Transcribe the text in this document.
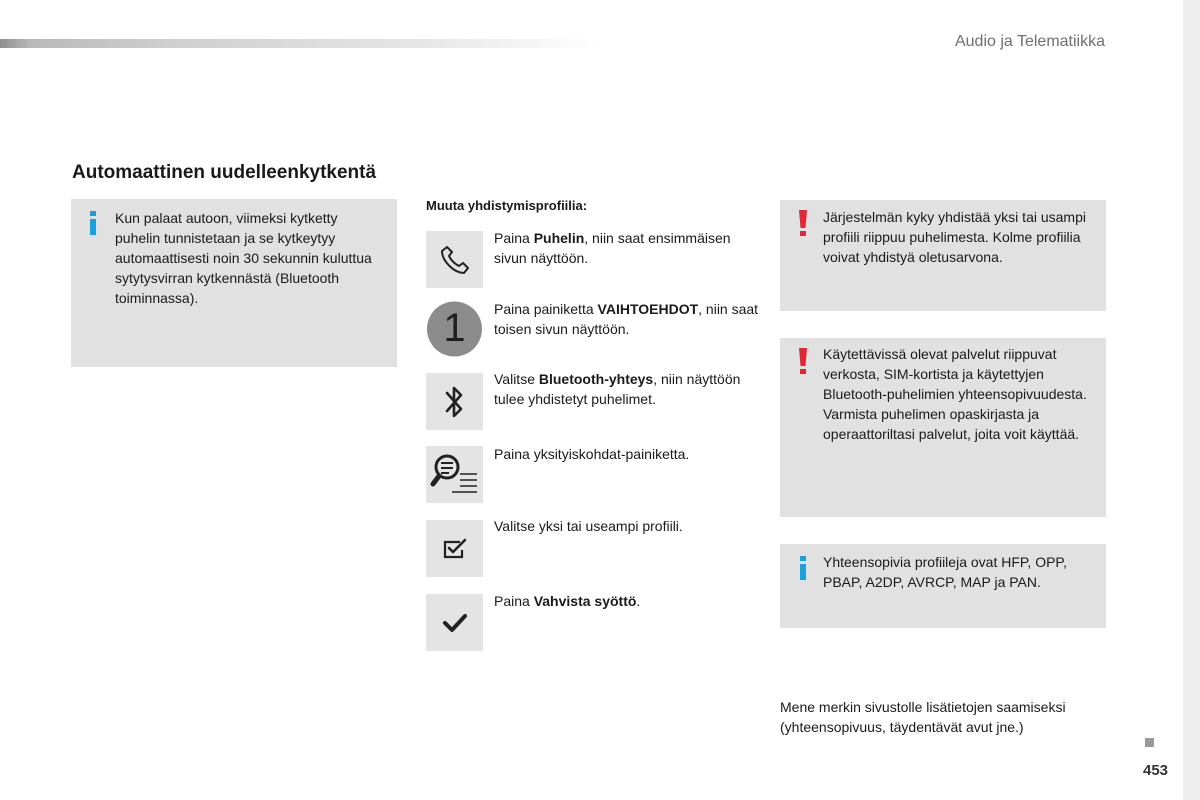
Audio ja Telematiikka
Automaattinen uudelleenkytkentä
Kun palaat autoon, viimeksi kytketty puhelin tunnistetaan ja se kytkeytyy automaattisesti noin 30 sekunnin kuluttua sytytysvirran kytkennästä (Bluetooth toiminnassa).
Muuta yhdistymisprofiilia:
Paina Puhelin, niin saat ensimmäisen sivun näyttöön.
1	Paina painiketta VAIHTOEHDOT, niin saat toisen sivun näyttöön.
Valitse Bluetooth-yhteys, niin näyttöön tulee yhdistetyt puhelimet.
Paina yksityiskohdat-painiketta.
Valitse yksi tai useampi profiili.
Paina Vahvista syöttö.
Järjestelmän kyky yhdistää yksi tai usampi profiili riippuu puhelimesta. Kolme profiilia voivat yhdistyä oletusarvona.
Käytettävissä olevat palvelut riippuvat verkosta, SIM-kortista ja käytettyjen Bluetooth-puhelimien yhteensopivuudesta. Varmista puhelimen opaskirjasta ja operaattoriltasi palvelut, joita voit käyttää.
Yhteensopivia profiileja ovat HFP, OPP, PBAP, A2DP, AVRCP, MAP ja PAN.
Mene merkin sivustolle lisätietojen saamiseksi (yhteensopivuus, täydentävät avut jne.)
453
